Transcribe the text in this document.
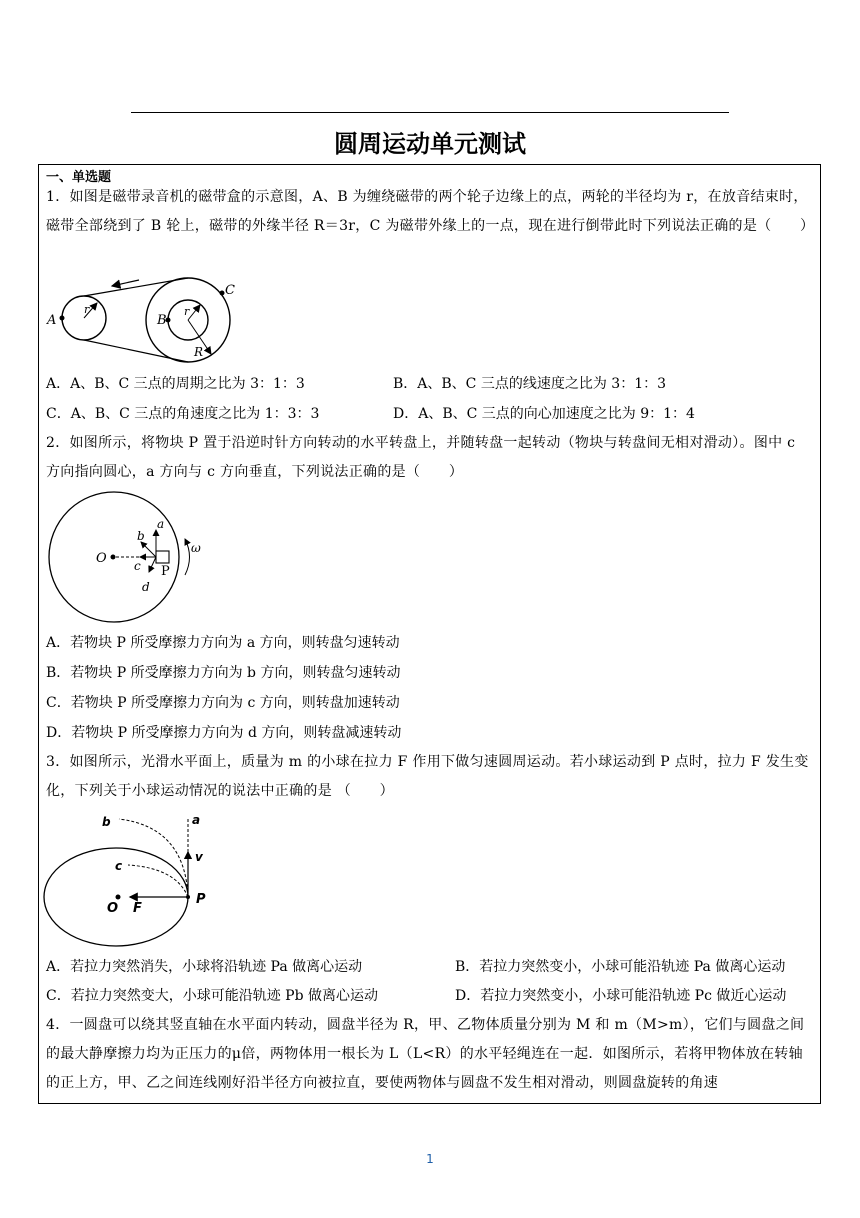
圆周运动单元测试
一、单选题
1．如图是磁带录音机的磁带盒的示意图，A、B 为缠绕磁带的两个轮子边缘上的点，两轮的半径均为 r，在放音结束时，磁带全部绕到了 B 轮上，磁带的外缘半径 R＝3r，C 为磁带外缘上的一点，现在进行倒带此时下列说法正确的是（　　）
A	B
C
r	r
R
A．A、B、C 三点的周期之比为 3：1：3	B．A、B、C 三点的线速度之比为 3：1：3
C．A、B、C 三点的角速度之比为 1：3：3	D．A、B、C 三点的向心加速度之比为 9：1：4
2．如图所示，将物块 P 置于沿逆时针方向转动的水平转盘上，并随转盘一起转动（物块与转盘间无相对滑动）。图中 c 方向指向圆心，a 方向与 c 方向垂直，下列说法正确的是（　　）
O
P
a
b
c
d
ω
A．若物块 P 所受摩擦力方向为 a 方向，则转盘匀速转动
B．若物块 P 所受摩擦力方向为 b 方向，则转盘匀速转动
C．若物块 P 所受摩擦力方向为 c 方向，则转盘加速转动
D．若物块 P 所受摩擦力方向为 d 方向，则转盘减速转动
3．如图所示，光滑水平面上，质量为 m 的小球在拉力 F 作用下做匀速圆周运动。若小球运动到 P 点时，拉力 F 发生变化，下列关于小球运动情况的说法中正确的是 （　　）
a
b
c
v
O F
P
A．若拉力突然消失，小球将沿轨迹 Pa 做离心运动	B．若拉力突然变小，小球可能沿轨迹 Pa 做离心运动
C．若拉力突然变大，小球可能沿轨迹 Pb 做离心运动	D．若拉力突然变小，小球可能沿轨迹 Pc 做近心运动
4．一圆盘可以绕其竖直轴在水平面内转动，圆盘半径为 R，甲、乙物体质量分别为 M 和 m（M>m），它们与圆盘之间的最大静摩擦力均为正压力的μ倍，两物体用一根长为 L（L<R）的水平轻绳连在一起．如图所示，若将甲物体放在转轴的正上方，甲、乙之间连线刚好沿半径方向被拉直，要使两物体与圆盘不发生相对滑动，则圆盘旋转的角速
1
